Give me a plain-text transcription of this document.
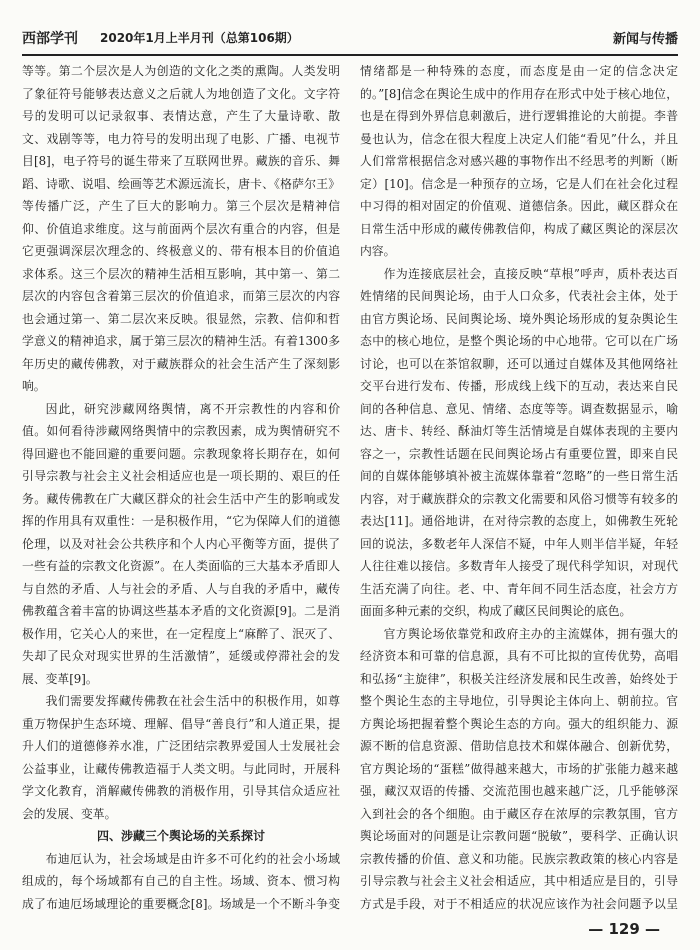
西部学刊 2020年1月上半月刊（总第106期）	新闻与传播

等等。第二个层次是人为创造的文化之类的熏陶。人类发明了象征符号能够表达意义之后就人为地创造了文化。文字符号的发明可以记录叙事、表情达意，产生了大量诗歌、散文、戏剧等等，电力符号的发明出现了电影、广播、电视节目[8]，电子符号的诞生带来了互联网世界。藏族的音乐、舞蹈、诗歌、说唱、绘画等艺术源远流长，唐卡、《格萨尔王》等传播广泛，产生了巨大的影响力。第三个层次是精神信仰、价值追求维度。这与前面两个层次有重合的内容，但是它更强调深层次理念的、终极意义的、带有根本目的价值追求体系。这三个层次的精神生活相互影响，其中第一、第二层次的内容包含着第三层次的价值追求，而第三层次的内容也会通过第一、第二层次来反映。很显然，宗教、信仰和哲学意义的精神追求，属于第三层次的精神生活。有着1300多年历史的藏传佛教，对于藏族群众的社会生活产生了深刻影响。

因此，研究涉藏网络舆情，离不开宗教性的内容和价值。如何看待涉藏网络舆情中的宗教因素，成为舆情研究不得回避也不能回避的重要问题。宗教现象将长期存在，如何引导宗教与社会主义社会相适应也是一项长期的、艰巨的任务。藏传佛教在广大藏区群众的社会生活中产生的影响或发挥的作用具有双重性：一是积极作用，“它为保障人们的道德伦理，以及对社会公共秩序和个人内心平衡等方面，提供了一些有益的宗教文化资源”。在人类面临的三大基本矛盾即人与自然的矛盾、人与社会的矛盾、人与自我的矛盾中，藏传佛教蕴含着丰富的协调这些基本矛盾的文化资源[9]。二是消极作用，它关心人的来世，在一定程度上“麻醉了、泯灭了、失却了民众对现实世界的生活激情”，延缓或停滞社会的发展、变革[9]。

我们需要发挥藏传佛教在社会生活中的积极作用，如尊重万物保护生态环境、理解、倡导“善良行”和人道正果，提升人们的道德修养水准，广泛团结宗教界爱国人士发展社会公益事业，让藏传佛教造福于人类文明。与此同时，开展科学文化教育，消解藏传佛教的消极作用，引导其信众适应社会的发展、变革。

四、涉藏三个舆论场的关系探讨

布迪厄认为，社会场域是由许多不可化约的社会小场域组成的，每个场域都有自己的自主性。场域、资本、惯习构成了布迪厄场域理论的重要概念[8]。场域是一个不断斗争变

情绪都是一种特殊的态度，而态度是由一定的信念决定的。”[8]信念在舆论生成中的作用存在形式中处于核心地位，也是在得到外界信息刺激后，进行逻辑推论的大前提。李普曼也认为，信念在很大程度上决定人们能“看见”什么，并且人们常常根据信念对感兴趣的事物作出不经思考的判断（断定）[10]。信念是一种预存的立场，它是人们在社会化过程中习得的相对固定的价值观、道德信条。因此，藏区群众在日常生活中形成的藏传佛教信仰，构成了藏区舆论的深层次内容。

作为连接底层社会，直接反映“草根”呼声，质朴表达百姓情绪的民间舆论场，由于人口众多，代表社会主体，处于由官方舆论场、民间舆论场、境外舆论场形成的复杂舆论生态中的核心地位，是整个舆论场的中心地带。它可以在广场讨论，也可以在茶馆叙聊，还可以通过自媒体及其他网络社交平台进行发布、传播，形成线上线下的互动，表达来自民间的各种信息、意见、情绪、态度等等。调查数据显示，喻达、唐卡、转经、酥油灯等生活情境是自媒体表现的主要内容之一，宗教性话题在民间舆论场占有重要位置，即来自民间的自媒体能够填补被主流媒体靠着“忽略”的一些日常生活内容，对于藏族群众的宗教文化需要和风俗习惯等有较多的表达[11]。通俗地讲，在对待宗教的态度上，如佛教生死轮回的说法，多数老年人深信不疑，中年人则半信半疑，年轻人往往难以接信。多数青年人接受了现代科学知识，对现代生活充满了向往。老、中、青年间不同生活态度，社会方方面面多种元素的交织，构成了藏区民间舆论的底色。

官方舆论场依靠党和政府主办的主流媒体，拥有强大的经济资本和可靠的信息源，具有不可比拟的宣传优势，高唱和弘扬“主旋律”，积极关注经济发展和民生改善，始终处于整个舆论生态的主导地位，引导舆论主体向上、朝前拉。官方舆论场把握着整个舆论生态的方向。强大的组织能力、源源不断的信息资源、借助信息技术和媒体融合、创新优势，官方舆论场的“蛋糕”做得越来越大，市场的扩张能力越来越强，藏汉双语的传播、交流范围也越来越广泛，几乎能够深入到社会的各个细胞。由于藏区存在浓厚的宗教氛围，官方舆论场面对的问题是让宗教问题“脱敏”，要科学、正确认识宗教传播的价值、意义和功能。民族宗教政策的核心内容是引导宗教与社会主义社会相适应，其中相适应是目的，引导方式是手段，对于不相适应的状况应该作为社会问题予以呈

— 129 —
